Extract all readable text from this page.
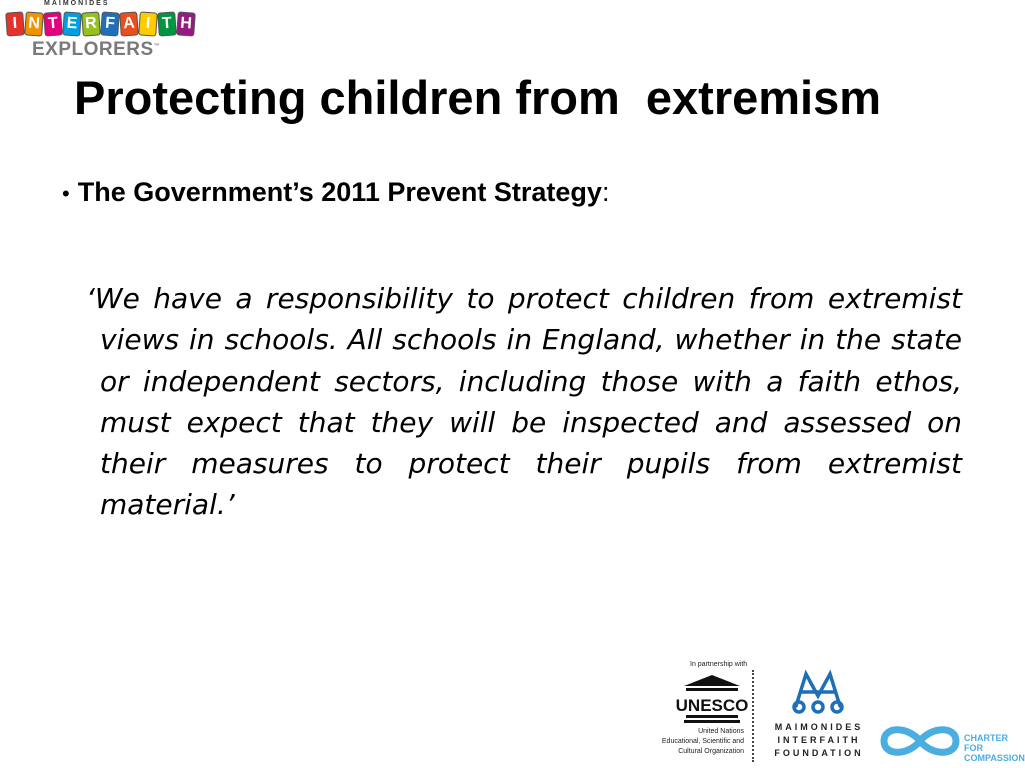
MAIMONIDES
I N T E R F A I T H
EXPLORERS™
Protecting children from  extremism
• The Government’s 2011 Prevent Strategy:

‘We have a responsibility to protect children from extremist views in schools. All schools in England, whether in the state or independent sectors, including those with a faith ethos, must expect that they will be inspected and assessed on their measures to protect their pupils from extremist material.’

In partnership with
UNESCO
United Nations
Educational, Scientific and
Cultural Organization
MAIMONIDES
INTERFAITH
FOUNDATION
CHARTER FOR
COMPASSION
